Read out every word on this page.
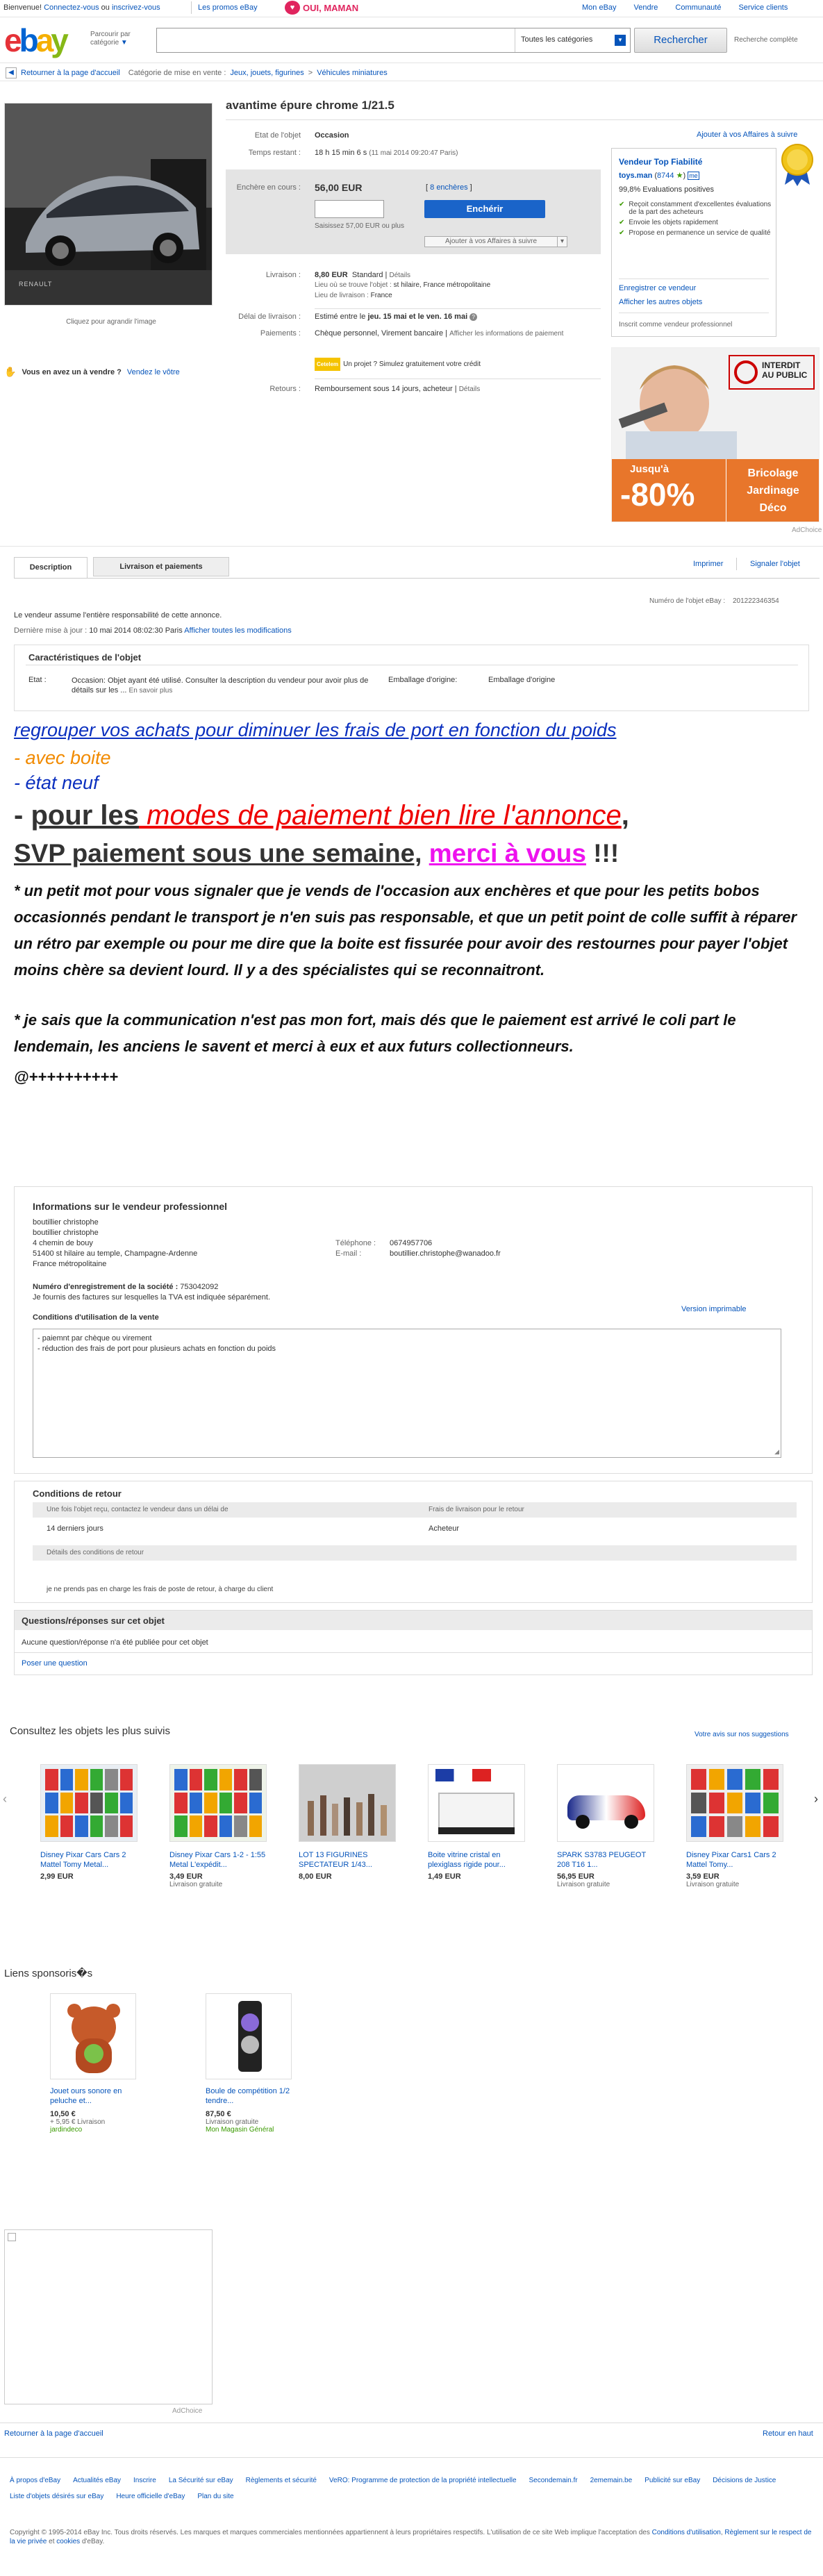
Bienvenue! Connectez-vous ou inscrivez-vous	Les promos eBay	♥ OUI, MAMAN	Mon eBay Vendre Communauté Service clients
ebay	Parcourir par catégorie ▼	Toutes les catégories	▼	Rechercher	Recherche complète
◀ Retourner à la page d'accueil Catégorie de mise en vente : Jeux, jouets, figurines > Véhicules miniatures
RENAULT
Cliquez pour agrandir l'image
✋ Vous en avez un à vendre ? Vendez le vôtre
avantime épure chrome 1/21.5
Ajouter à vos Affaires à suivre
Etat de l'objet Occasion
Temps restant : 18 h 15 min 6 s (11 mai 2014 09:20:47 Paris)
Enchère en cours : 56,00 EUR	[ 8 enchères ]
Enchérir
Saisissez 57,00 EUR ou plus
Ajouter à vos Affaires à suivre	▾
Livraison : 8,80 EUR Standard | Détails
Lieu où se trouve l'objet : st hilaire, France métropolitaine
Lieu de livraison : France
Délai de livraison : Estimé entre le jeu. 15 mai et le ven. 16 mai ?
Paiements : Chèque personnel, Virement bancaire | Afficher les informations de paiement
Cetelem Un projet ? Simulez gratuitement votre crédit
Retours : Remboursement sous 14 jours, acheteur | Détails
Vendeur Top Fiabilité
toys.man (8744 ★) me
99,8% Evaluations positives
✔ Reçoit constamment d'excellentes évaluations de la part des acheteurs
✔ Envoie les objets rapidement
✔ Propose en permanence un service de qualité
Enregistrer ce vendeur
Afficher les autres objets
Inscrit comme vendeur professionnel
INTERDIT AU PUBLIC
Jusqu'à
-80%
Bricolage
Jardinage
Déco
AdChoice
Description	Livraison et paiements	Imprimer	Signaler l'objet
Numéro de l'objet eBay : 201222346354
Le vendeur assume l'entière responsabilité de cette annonce.
Dernière mise à jour : 10 mai 2014 08:02:30 Paris Afficher toutes les modifications
Caractéristiques de l'objet
Etat :	Occasion: Objet ayant été utilisé. Consulter la description du vendeur pour avoir plus de détails sur les ... En savoir plus
Emballage d'origine:	Emballage d'origine
regrouper vos achats pour diminuer les frais de port en fonction du poids
- avec boite
- état neuf
- pour les modes de paiement bien lire l'annonce,
SVP paiement sous une semaine, merci à vous !!!
* un petit mot pour vous signaler que je vends de l'occasion aux enchères et que pour les petits bobos occasionnés pendant le transport je n'en suis pas responsable, et que un petit point de colle suffit à réparer un rétro par exemple ou pour me dire que la boite est fissurée pour avoir des restournes pour payer l'objet moins chère sa devient lourd. Il y a des spécialistes qui se reconnaitront.
* je sais que la communication n'est pas mon fort, mais dés que le paiement est arrivé le coli part le lendemain, les anciens le savent et merci à eux et aux futurs collectionneurs.
@++++++++++
Informations sur le vendeur professionnel
boutillier christophe
boutillier christophe
4 chemin de bouy
51400 st hilaire au temple, Champagne-Ardenne
France métropolitaine
Téléphone : 0674957706
E-mail :	boutillier.christophe@wanadoo.fr
Numéro d'enregistrement de la société : 753042092
Je fournis des factures sur lesquelles la TVA est indiquée séparément.
Conditions d'utilisation de la vente
Version imprimable
- paiemnt par chèque ou virement
- réduction des frais de port pour plusieurs achats en fonction du poids
◢
Conditions de retour
Une fois l'objet reçu, contactez le vendeur dans un délai de	Frais de livraison pour le retour
14 derniers jours	Acheteur
Détails des conditions de retour
je ne prends pas en charge les frais de poste de retour, à charge du client
Questions/réponses sur cet objet
Aucune question/réponse n'a été publiée pour cet objet
Poser une question
Consultez les objets les plus suivis	Votre avis sur nos suggestions
‹	›
Disney Pixar Cars Cars 2 Mattel Tomy Metal...
2,99 EUR
Disney Pixar Cars 1-2 - 1:55 Metal L'expédit...
3,49 EUR
Livraison gratuite
LOT 13 FIGURINES SPECTATEUR 1/43...
8,00 EUR
Boite vitrine cristal en plexiglass rigide pour...
1,49 EUR
SPARK S3783 PEUGEOT 208 T16 1...
56,95 EUR
Livraison gratuite
Disney Pixar Cars1 Cars 2 Mattel Tomy...
3,59 EUR
Livraison gratuite
Liens sponsoris�s
Jouet ours sonore en peluche et...
10,50 €
+ 5,95 € Livraison
jardindeco
Boule de compétition 1/2 tendre...
87,50 €
Livraison gratuite
Mon Magasin Général
AdChoice
Retourner à la page d'accueil	Retour en haut
À propos d'eBay Actualités eBay Inscrire La Sécurité sur eBay Règlements et sécurité VeRO: Programme de protection de la propriété intellectuelle Secondemain.fr 2ememain.be Publicité sur eBay Décisions de Justice
Liste d'objets désirés sur eBay Heure officielle d'eBay Plan du site
Copyright © 1995-2014 eBay Inc. Tous droits réservés. Les marques et marques commerciales mentionnées appartiennent à leurs propriétaires respectifs. L'utilisation de ce site Web implique l'acceptation des Conditions d'utilisation, Règlement sur le respect de la vie privée et cookies d'eBay.
